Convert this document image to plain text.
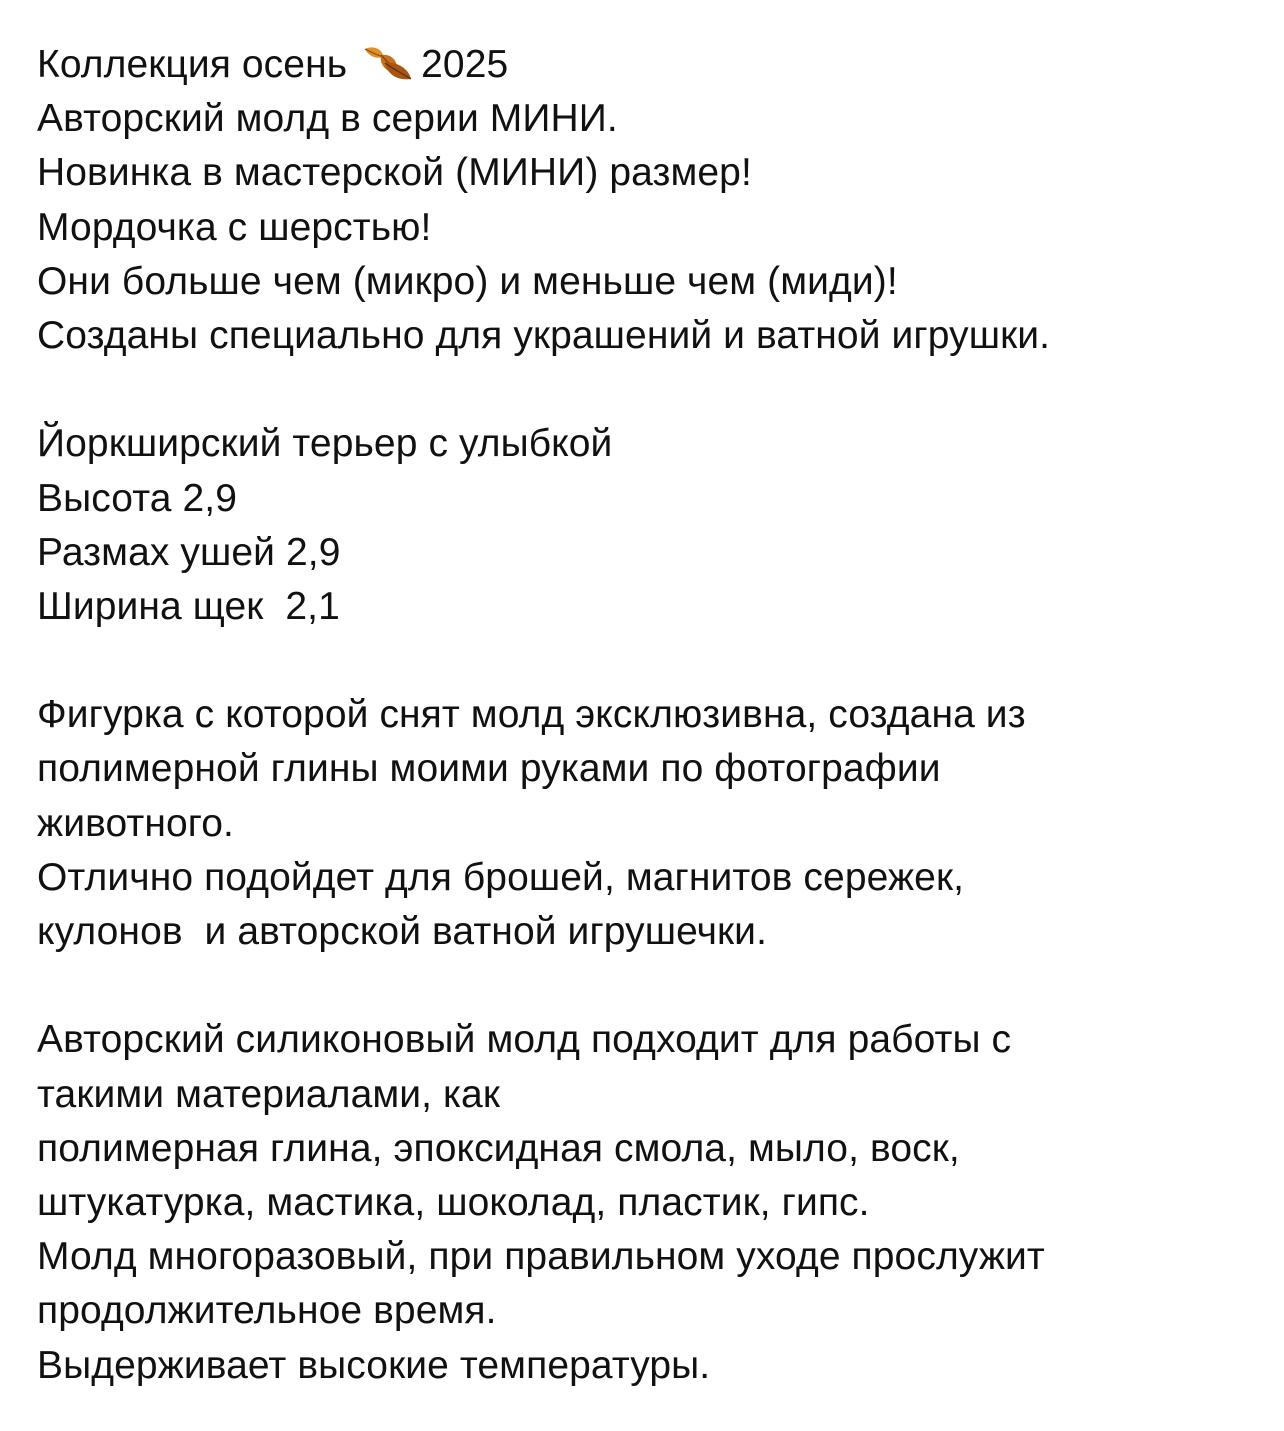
Коллекция осень 2025
Авторский молд в серии МИНИ.
Новинка в мастерской (МИНИ) размер!
Мордочка с шерстью!
Они больше чем (микро) и меньше чем (миди)!
Созданы специально для украшений и ватной игрушки.
Йоркширский терьер с улыбкой
Высота 2,9
Размах ушей 2,9
Ширина щек  2,1
Фигурка с которой снят молд эксклюзивна, создана из
полимерной глины моими руками по фотографии
животного.
Отлично подойдет для брошей, магнитов сережек,
кулонов  и авторской ватной игрушечки.
Авторский силиконовый молд подходит для работы с
такими материалами, как
полимерная глина, эпоксидная смола, мыло, воск,
штукатурка, мастика, шоколад, пластик, гипс.
Молд многоразовый, при правильном уходе прослужит
продолжительное время.
Выдерживает высокие температуры.
